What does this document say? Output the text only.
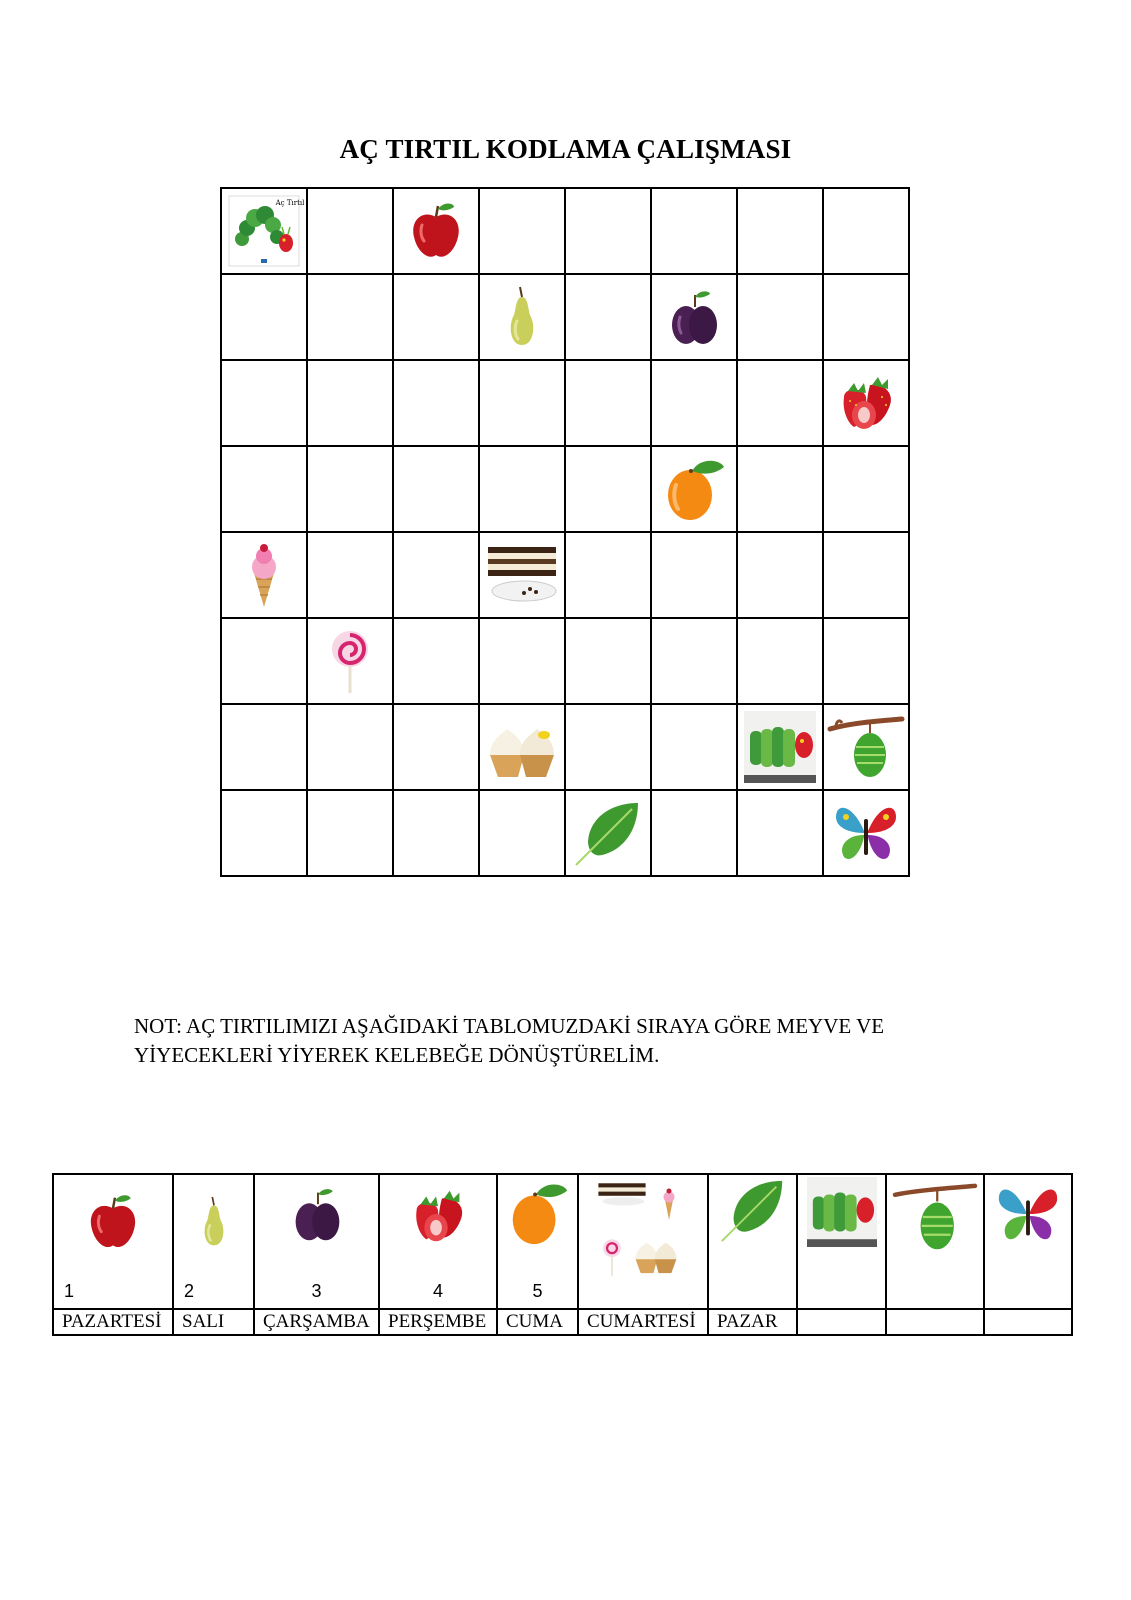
AÇ TIRTIL KODLAMA ÇALIŞMASI
Aç Tırtıl

NOT: AÇ TIRTILIMIZI AŞAĞIDAKİ TABLOMUZDAKİ SIRAYA GÖRE MEYVE VE
YİYECEKLERİ YİYEREK KELEBEĞE DÖNÜŞTÜRELİM.

1	2	3	4	5

PAZARTESİ	SALI	ÇARŞAMBA	PERŞEMBE	CUMA	CUMARTESİ	PAZAR			
